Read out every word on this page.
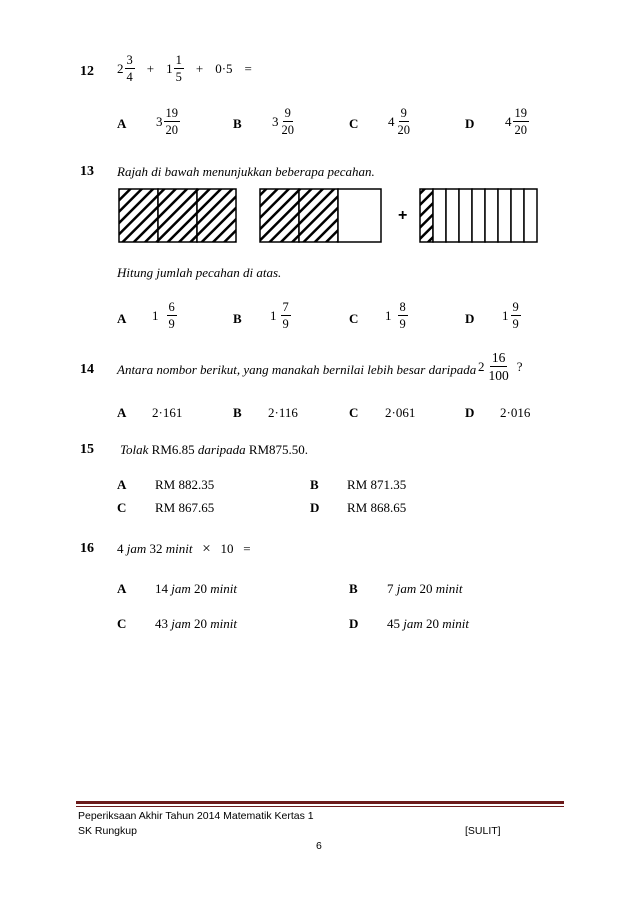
12 $2 \frac{3}{4} + 1 \frac{1}{5} + 0\cdot 5$ =
A $3 \frac{19}{20}$	B $3 \frac{9}{20}$	C $4 \frac{9}{20}$	D $4 \frac{19}{20}$
13 Rajah di bawah menunjukkan beberapa pecahan.
+
Hitung jumlah pecahan di atas.
A $1 \frac{6}{9}$	B $1 \frac{7}{9}$	C $1 \frac{8}{9}$	D $1 \frac{9}{9}$
14 Antara nombor berikut, yang manakah bernilai lebih besar daripada $2 \frac{16}{100}$ ?
A 2·161	B 2·116	C 2·061	D 2·016
15 Tolak RM6.85 daripada RM875.50.
A RM 882.35	B RM 871.35
C RM 867.65	D RM 868.65
16 4 jam 32 minit × 10 =
A 14 jam 20 minit	B 7 jam 20 minit
C 43 jam 20 minit	D 45 jam 20 minit
Peperiksaan Akhir Tahun 2014 Matematik Kertas 1
SK Rungkup	[SULIT]
6
